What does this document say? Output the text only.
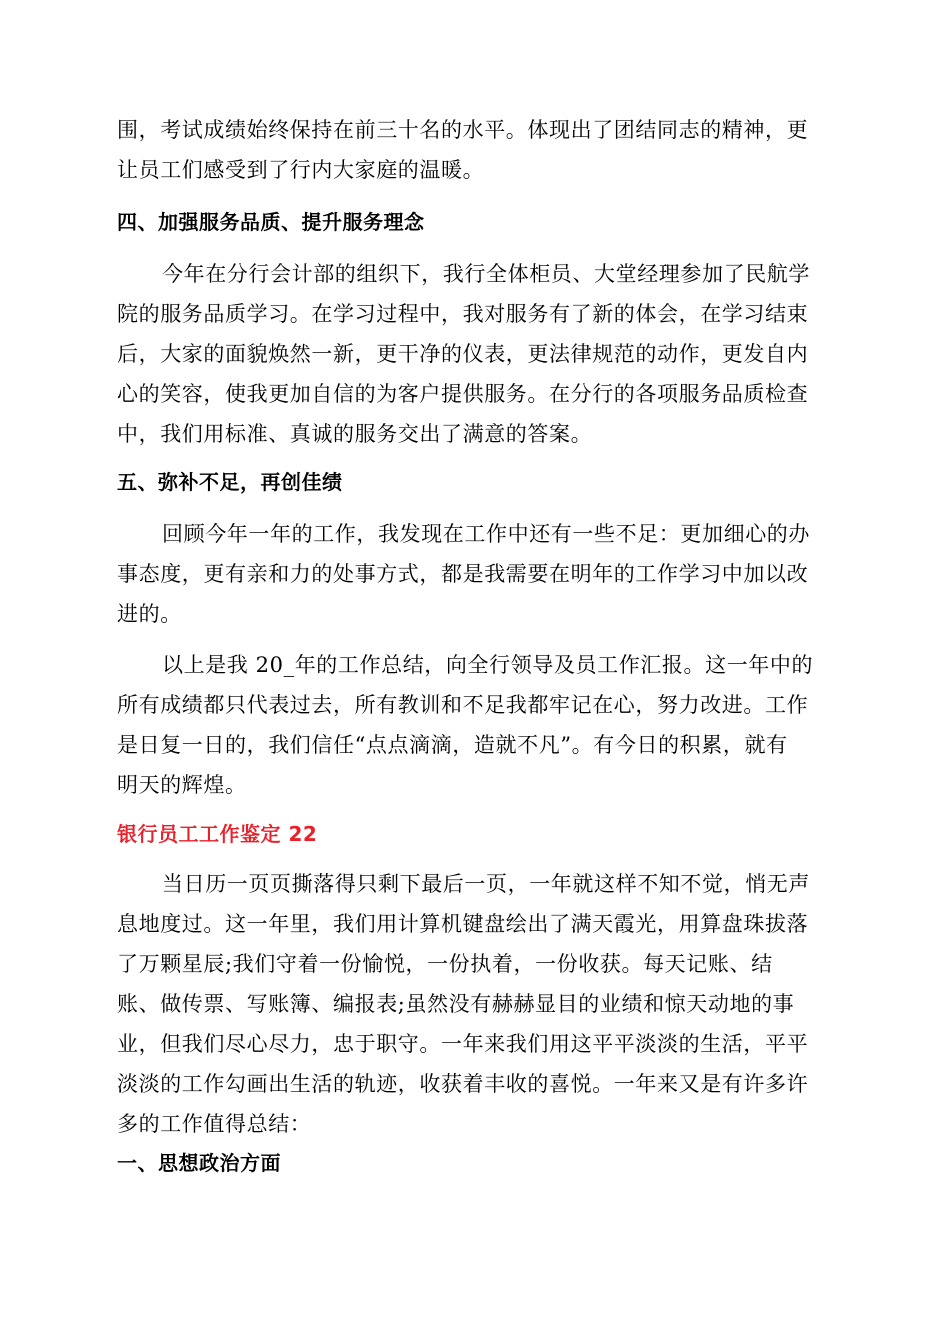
围，考试成绩始终保持在前三十名的水平。体现出了团结同志的精神，更
让员工们感受到了行内大家庭的温暖。
四、加强服务品质、提升服务理念
今年在分行会计部的组织下，我行全体柜员、大堂经理参加了民航学
院的服务品质学习。在学习过程中，我对服务有了新的体会，在学习结束
后，大家的面貌焕然一新，更干净的仪表，更法律规范的动作，更发自内
心的笑容，使我更加自信的为客户提供服务。在分行的各项服务品质检查
中，我们用标准、真诚的服务交出了满意的答案。
五、弥补不足，再创佳绩
回顾今年一年的工作，我发现在工作中还有一些不足：更加细心的办
事态度，更有亲和力的处事方式，都是我需要在明年的工作学习中加以改
进的。
以上是我 20_年的工作总结，向全行领导及员工作汇报。这一年中的
所有成绩都只代表过去，所有教训和不足我都牢记在心，努力改进。工作
是日复一日的，我们信任“点点滴滴，造就不凡”。有今日的积累，就有
明天的辉煌。
银行员工工作鉴定 22
当日历一页页撕落得只剩下最后一页，一年就这样不知不觉，悄无声
息地度过。这一年里，我们用计算机键盘绘出了满天霞光，用算盘珠拔落
了万颗星辰;我们守着一份愉悦，一份执着，一份收获。每天记账、结
账、做传票、写账簿、编报表;虽然没有赫赫显目的业绩和惊天动地的事
业，但我们尽心尽力，忠于职守。一年来我们用这平平淡淡的生活，平平
淡淡的工作勾画出生活的轨迹，收获着丰收的喜悦。一年来又是有许多许
多的工作值得总结：
一、思想政治方面
